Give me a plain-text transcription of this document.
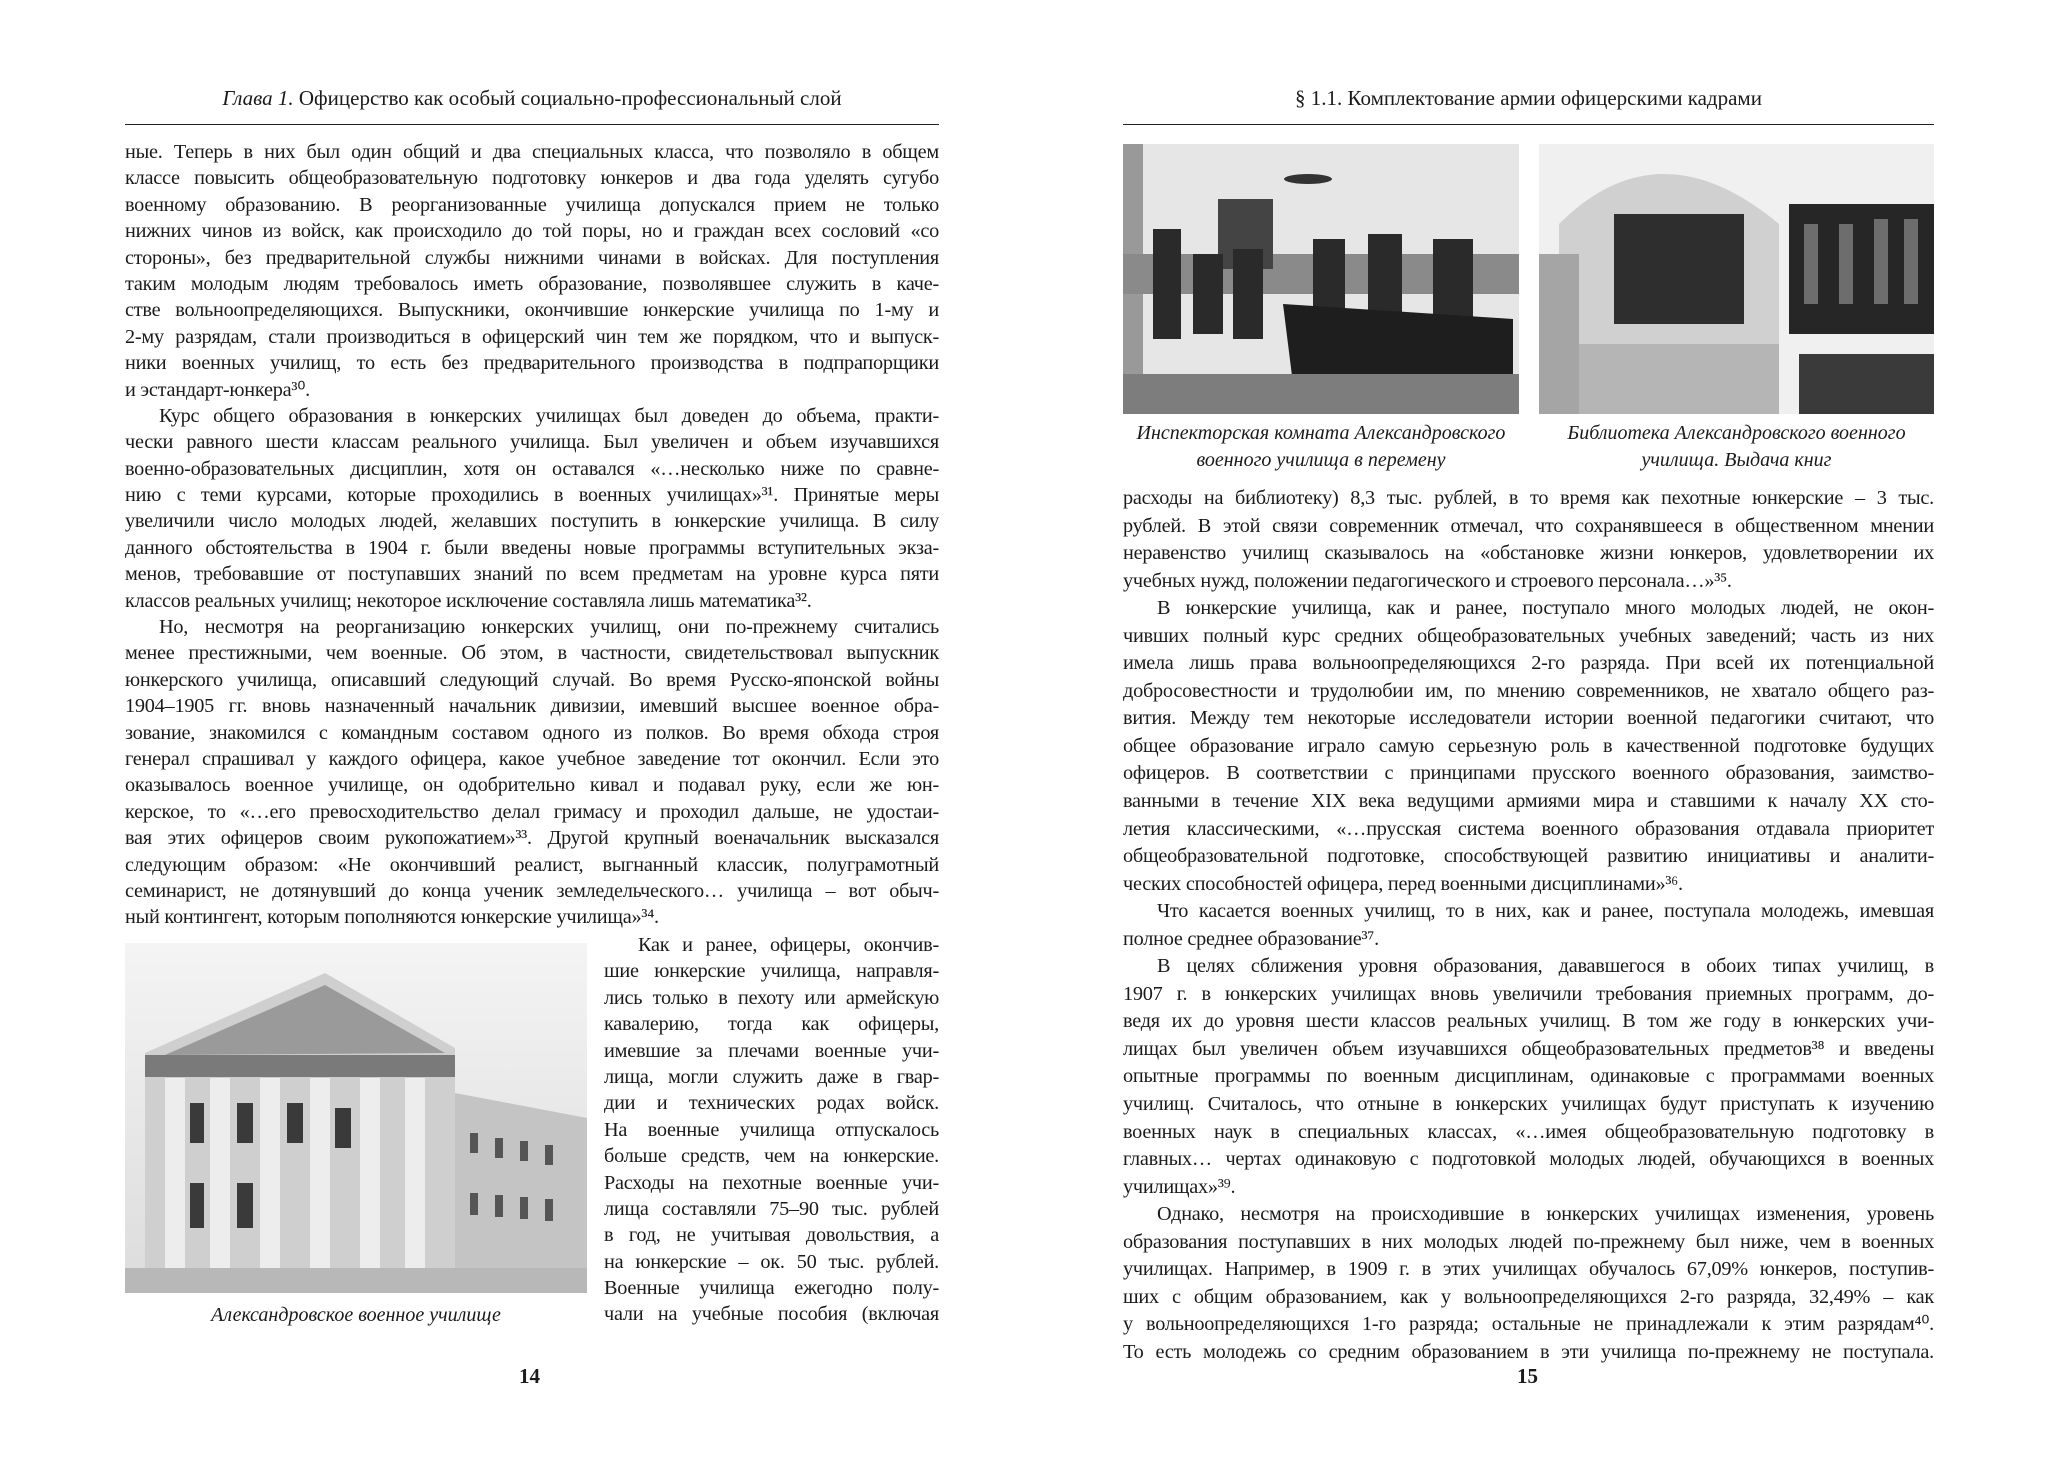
Глава 1. Офицерство как особый социально-профессиональный слой
ные. Теперь в них был один общий и два специальных класса, что позволяло в общем
классе повысить общеобразовательную подготовку юнкеров и два года уделять сугубо
военному образованию. В реорганизованные училища допускался прием не только
нижних чинов из войск, как происходило до той поры, но и граждан всех сословий «со
стороны», без предварительной службы нижними чинами в войсках. Для поступления
таким молодым людям требовалось иметь образование, позволявшее служить в каче-
стве вольноопределяющихся. Выпускники, окончившие юнкерские училища по 1-му и
2-му разрядам, стали производиться в офицерский чин тем же порядком, что и выпуск-
ники военных училищ, то есть без предварительного производства в подпрапорщики
и эстандарт-юнкера³⁰.
Курс общего образования в юнкерских училищах был доведен до объема, практи-
чески равного шести классам реального училища. Был увеличен и объем изучавшихся
военно-образовательных дисциплин, хотя он оставался «…несколько ниже по сравне-
нию с теми курсами, которые проходились в военных училищах»³¹. Принятые меры
увеличили число молодых людей, желавших поступить в юнкерские училища. В силу
данного обстоятельства в 1904 г. были введены новые программы вступительных экза-
менов, требовавшие от поступавших знаний по всем предметам на уровне курса пяти
классов реальных училищ; некоторое исключение составляла лишь математика³².
Но, несмотря на реорганизацию юнкерских училищ, они по-прежнему считались
менее престижными, чем военные. Об этом, в частности, свидетельствовал выпускник
юнкерского училища, описавший следующий случай. Во время Русско-японской войны
1904–1905 гг. вновь назначенный начальник дивизии, имевший высшее военное обра-
зование, знакомился с командным составом одного из полков. Во время обхода строя
генерал спрашивал у каждого офицера, какое учебное заведение тот окончил. Если это
оказывалось военное училище, он одобрительно кивал и подавал руку, если же юн-
керское, то «…его превосходительство делал гримасу и проходил дальше, не удостаи-
вая этих офицеров своим рукопожатием»³³. Другой крупный военачальник высказался
следующим образом: «Не окончивший реалист, выгнанный классик, полуграмотный
семинарист, не дотянувший до конца ученик земледельческого… училища – вот обыч-
ный контингент, которым пополняются юнкерские училища»³⁴.
Как и ранее, офицеры, окончив-
шие юнкерские училища, направля-
лись только в пехоту или армейскую
кавалерию, тогда как офицеры,
имевшие за плечами военные учи-
лища, могли служить даже в гвар-
дии и технических родах войск.
На военные училища отпускалось
больше средств, чем на юнкерские.
Расходы на пехотные военные учи-
лища составляли 75–90 тыс. рублей
в год, не учитывая довольствия, а
на юнкерские – ок. 50 тыс. рублей.
Военные училища ежегодно полу-
чали на учебные пособия (включая
Александровское военное училище
14
§ 1.1. Комплектование армии офицерскими кадрами
Инспекторская комната Александровского
военного училища в перемену
Библиотека Александровского военного
училища. Выдача книг
расходы на библиотеку) 8,3 тыс. рублей, в то время как пехотные юнкерские – 3 тыс.
рублей. В этой связи современник отмечал, что сохранявшееся в общественном мнении
неравенство училищ сказывалось на «обстановке жизни юнкеров, удовлетворении их
учебных нужд, положении педагогического и строевого персонала…»³⁵.
В юнкерские училища, как и ранее, поступало много молодых людей, не окон-
чивших полный курс средних общеобразовательных учебных заведений; часть из них
имела лишь права вольноопределяющихся 2-го разряда. При всей их потенциальной
добросовестности и трудолюбии им, по мнению современников, не хватало общего раз-
вития. Между тем некоторые исследователи истории военной педагогики считают, что
общее образование играло самую серьезную роль в качественной подготовке будущих
офицеров. В соответствии с принципами прусского военного образования, заимство-
ванными в течение XIX века ведущими армиями мира и ставшими к началу XX сто-
летия классическими, «…прусская система военного образования отдавала приоритет
общеобразовательной подготовке, способствующей развитию инициативы и аналити-
ческих способностей офицера, перед военными дисциплинами»³⁶.
Что касается военных училищ, то в них, как и ранее, поступала молодежь, имевшая
полное среднее образование³⁷.
В целях сближения уровня образования, дававшегося в обоих типах училищ, в
1907 г. в юнкерских училищах вновь увеличили требования приемных программ, до-
ведя их до уровня шести классов реальных училищ. В том же году в юнкерских учи-
лищах был увеличен объем изучавшихся общеобразовательных предметов³⁸ и введены
опытные программы по военным дисциплинам, одинаковые с программами военных
училищ. Считалось, что отныне в юнкерских училищах будут приступать к изучению
военных наук в специальных классах, «…имея общеобразовательную подготовку в
главных… чертах одинаковую с подготовкой молодых людей, обучающихся в военных
училищах»³⁹.
Однако, несмотря на происходившие в юнкерских училищах изменения, уровень
образования поступавших в них молодых людей по-прежнему был ниже, чем в военных
училищах. Например, в 1909 г. в этих училищах обучалось 67,09% юнкеров, поступив-
ших с общим образованием, как у вольноопределяющихся 2-го разряда, 32,49% – как
у вольноопределяющихся 1-го разряда; остальные не принадлежали к этим разрядам⁴⁰.
То есть молодежь со средним образованием в эти училища по-прежнему не поступала.
15
